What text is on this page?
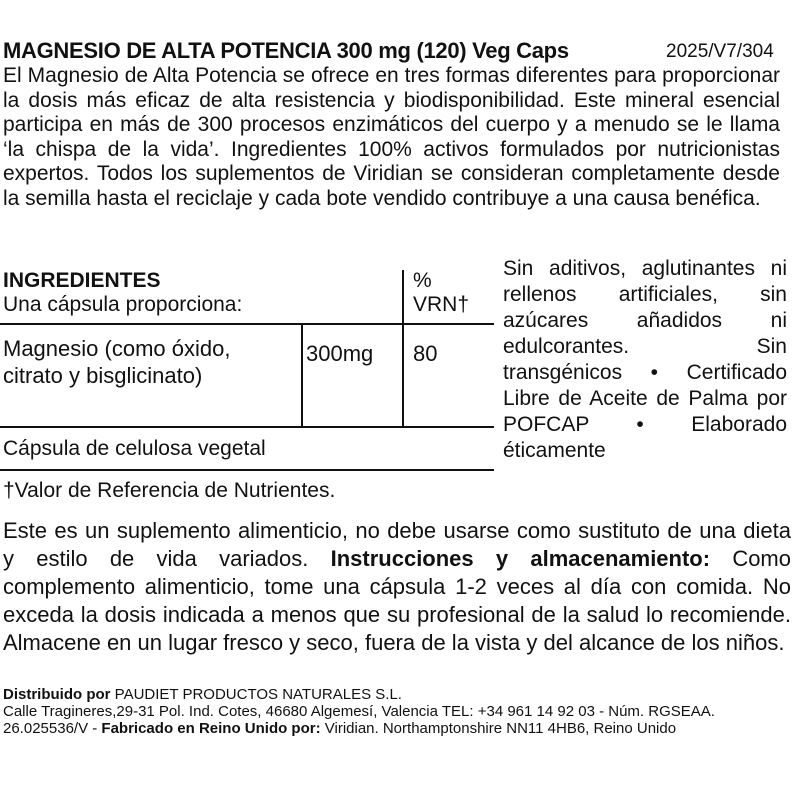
MAGNESIO DE ALTA POTENCIA 300 mg (120) Veg Caps	2025/V7/304
El Magnesio de Alta Potencia se ofrece en tres formas diferentes para proporcionar la dosis más eficaz de alta resistencia y biodisponibilidad. Este mineral esencial participa en más de 300 procesos enzimáticos del cuerpo y a menudo se le llama ‘la chispa de la vida’. Ingredientes 100% activos formulados por nutricionistas expertos. Todos los suplementos de Viridian se consideran completamente desde la semilla hasta el reciclaje y cada bote vendido contribuye a una causa benéfica.
INGREDIENTES
Una cápsula proporciona:
%
VRN†
Magnesio (como óxido, citrato y bisglicinato)
300mg 80
Cápsula de celulosa vegetal
†Valor de Referencia de Nutrientes.
Sin aditivos, aglutinantes ni rellenos artificiales, sin azúcares añadidos ni edulcorantes. Sin transgénicos • Certificado Libre de Aceite de Palma por POFCAP • Elaborado éticamente
Este es un suplemento alimenticio, no debe usarse como sustituto de una dieta y estilo de vida variados. Instrucciones y almacenamiento: Como complemento alimenticio, tome una cápsula 1-2 veces al día con comida. No exceda la dosis indicada a menos que su profesional de la salud lo recomiende. Almacene en un lugar fresco y seco, fuera de la vista y del alcance de los niños.
Distribuido por PAUDIET PRODUCTOS NATURALES S.L.
Calle Tragineres,29-31 Pol. Ind. Cotes, 46680 Algemesí, Valencia TEL: +34 961 14 92 03 - Núm. RGSEAA. 26.025536/V - Fabricado en Reino Unido por: Viridian. Northamptonshire NN11 4HB6, Reino Unido
